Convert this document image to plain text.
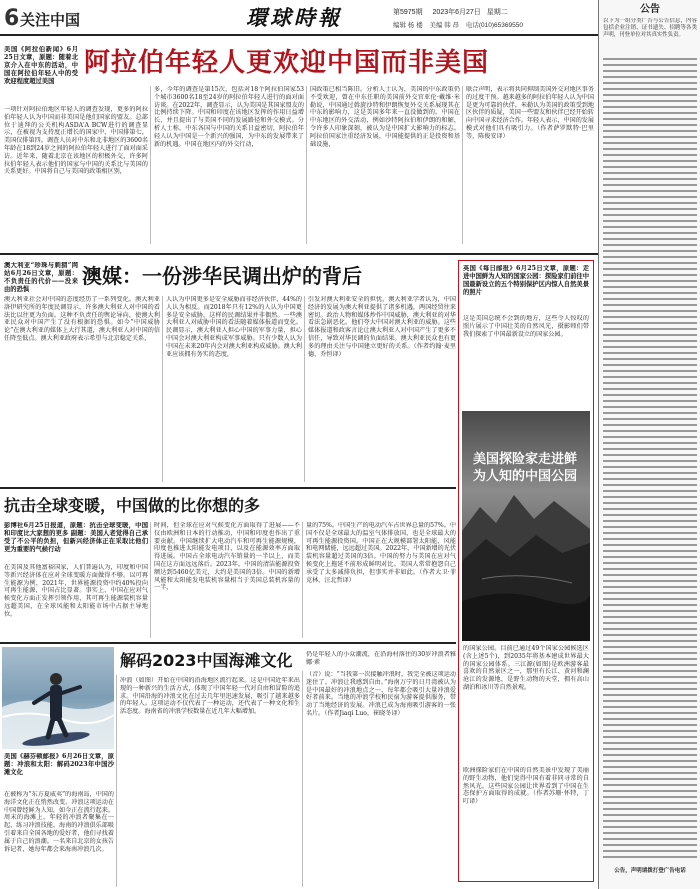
6 关注中国	環球時報	第5975期 2023年6月27日 星期二
编辑 杨 楼 美编 韩 昂 电话(010)65369550
美国《阿拉伯新闻》6月25日文章，原题：随着北京介入在中东的活动，中国在阿拉伯年轻人中的受欢迎程度超过美国
阿拉伯年轻人更欢迎中国而非美国
一项针对阿拉伯地区年轻人的调查发现，更多的阿拉伯年轻人认为中国而非美国是他们国家的盟友。总部位于迪拜的公关机构ASDA'A BCW进行的调查显示，在被视为支持度正增长的国家中，中国排第七，美国仅排第四。调查人员对中东和北非地区的3600名年龄在18到24岁之间的阿拉伯年轻人进行了面对面采访。近年来，随着北京在该地区的积极外交，许多阿拉伯年轻人表示他们的国家与中国的关系比与美国的关系更好。中国将自己与美国的政策相区别，
多，今年的调查是第15次，包括对18个阿拉伯国家53个城市3600名18至24岁的阿拉伯年轻人进行的面对面访谈。在2022年，调查显示，认为美国是其国家盟友的比例持续下降。中国和印度在该地区发挥的作用日益增长，并且提出了与美国不同的发展路径和外交模式。分析人士称，中东各国与中国的关系日益密切，阿拉伯年轻人认为中国是一个新兴的强国，为中东的发展带来了新的机遇。中国在地区内的外交行动，
国政策已相当陈旧。分析人士认为，美国的中东政策仍不受欢迎，曾在中东任职的美国前外交官亚伦·戴维·米勒说，中国通过斡旋沙特和伊朗恢复外交关系展现其在中东的影响力，这是美国多年来一直没做到的。中国在中东地区的外交活动，例如沙特阿拉伯和伊朗的和解，令许多人印象深刻，被认为是中国扩大影响力的标志。阿拉伯国家注重经济发展，中国能提供的正是投资和基础设施，
联合声明，表示将共同抑制美国外交对地区事务的过度干预。越来越多的阿拉伯年轻人认为中国是更为可靠的伙伴。米勒认为美国的政策受到地区伙伴的质疑，美国一些盟友和伙伴已经开始转向中国寻求经济合作。年轻人表示，中国的发展模式对他们具有吸引力。（作者萨罗默特·巴里等，陈俊安译）
澳大利亚“珍珠与刺猬”网站6月26日文章，原题：不负责任的代价——没来由的恐惧
澳媒：一份涉华民调出炉的背后
澳大利亚社会对中国的态度经历了一系列变化。澳大利亚洛伊研究所的年度民调显示，许多澳大利亚人对中国的看法比以往更为负面。这种不负责任的舆论导向，使澳大利亚民众对中国产生了没有根据的恐惧。如今“中国威胁论”在澳大利亚的媒体上大行其道，澳大利亚人对中国的信任降至低点。澳大利亚政府表示希望与北京稳定关系，
人认为中国更多是安全威胁而非经济伙伴，44%的人认为相反。而2018年只有12%的人认为中国更多是安全威胁。这样的民调结果并非偶然。一些澳大利亚人对威胁中国的看法随着媒体报道而变化。民调显示，澳大利亚人担心中国的军事力量，担心中国会对澳大利亚构成军事威胁。只有少数人认为中国在未来20年内会对澳大利亚构成威胁。澳大利亚应该拥有务实的态度，
引发对澳大利亚安全的担忧。澳大利亚学者认为，中国经济的发展为澳大利亚提供了诸多机遇，两国经贸往来密切。政治人物和媒体炒作中国威胁，澳大利亚的对华看法急剧恶化。他们夸大中国对澳大利亚的威胁。这些媒体报道和政客言论让澳大利亚人对中国产生了更多不信任，导致对华民调的负面结果。澳大利亚民众也有更多的理由关注与中国建立更好的关系。（作者约翰·麦里德，乔恒译）
抗击全球变暖，中国做的比你想的多
彭博社6月25日报道，原题：抗击全球变暖，中国和印度比大家想的更多 副题：美国人老觉得自己承受了不公平的负担，但新兴经济体正在采取比他们更为重要的气候行动
在美国及其他富裕国家，人们普遍认为，印度和中国等新兴经济体在应对全球变暖方面做得不够。以可再生能源为例，2021年，世界能源投资中约40%投向可再生能源，中国占比显著。事实上，中国在应对气候变化方面正发挥引领作用，其可再生能源装机容量远超美国，在全球风能和太阳能市场中占据主导地位。
时间，但全球在应对气候变化方面取得了进展——不仅由欧洲和日本的行动推动，中国和印度也作出了重要贡献。中国继续扩大电动汽车和可再生能源规模，印度也推进太阳能发电项目，以及在能源效率方面取得进展。中国占全球电动汽车销量的一半以上，而美国在这方面远远落后。2023年，中国的清洁能源投资额达到5460亿美元，大约是美国的3倍。中国的新增风能和太阳能发电装机容量相当于美国总装机容量的一半，
量的75%。中国生产的电动汽车占世界总量的57%。中国不仅是全球最大的温室气体排放国，也是全球最大的可再生能源投资国。中国正在大规模部署太阳能、风能和电网储能，远远超过美国。2022年，中国新增的光伏装机容量超过美国的3倍。中国的努力与美国在应对气候变化上拖延不前形成鲜明对比。美国人常常抱怨自己承受了太多减排负担，但事实并非如此。（作者大卫·菲克林，汪北哲译）
美国《赫芬顿邮报》6月26日文章，原题：冲浪和太阳：解码2023年中国沙滩文化
解码2023中国海滩文化	仍是年轻人的小众潮流，在沿海村落住的30岁冲浪者雅娜·素
在被称为“东方夏威夷”的海南岛，中国的海洋文化正在悄然改变。冲浪这项运动在中国曾经鲜为人知，如今正在流行起来。周末的海滩上，年轻的冲浪者聚集在一起，练习冲浪技能。海南的冲浪俱乐部吸引着来自全国各地的爱好者，他们寻找着属于自己的浪潮。一名来自北京的女孩告诉记者，她每年都会来海南冲浪几次。
冲浪（如图）开始在中国的沿海地区流行起来。这是中国近年来出现的一种新兴的生活方式，体现了中国年轻一代对自由和冒险的追求。中国沿海的冲浪文化在过去几年里迅速发展，吸引了越来越多的年轻人。这项运动不仅代表了一种运动，还代表了一种文化和生活态度。海南省的冲浪学校数量在近几年大幅增加，
（音）说：“当我第一次接触冲浪时，我完全被这项运动迷住了。冲浪让我感到自由。”海南万宁的日月湾被认为是中国最好的冲浪地点之一，每年都会吸引大量冲浪爱好者前来。当地的冲浪学校和民宿为游客提供服务，带动了当地经济的发展。冲浪已成为海南吸引游客的一张名片。（作者Jiaqi Luo，崔晓冬译）
英国《每日邮报》6月25日文章，原题：走进中国鲜为人知的国家公园：探险家们前往中国最新设立的五个特别保护区内惊人自然美景的照片
这是美国总统不会到的地方，这些令人惊叹的照片展示了中国壮美的自然风光，摄影师们带我们探索了中国最新设立的国家公园。
美国探险家走进鲜为人知的中国公园
的国家公园。目前已通过49个国家公园候选区(含上述5个)，到2035年将基本建成世界最大的国家公园体系。三江源(如图)是欧洲游客最喜欢的自然景区之一，那里有长江、黄河和澜沧江的发源地，是野生动物的天堂，拥有高山湖泊和冰川等自然景观。
欧洲探险家们在中国的自然美景中发现了美丽的野生动物，他们觉得中国有着非同寻常的自然风光。这些国家公园让世界看到了中国在生态保护方面取得的成就。（作者苏珊·怀特，丁叮译）
公告
以下为一组分类广告与公告信息，内容包括企业注销、证书遗失、招聘等各类声明，刊登单位对其真实性负责。
公告，声明请拨打登广告电话
